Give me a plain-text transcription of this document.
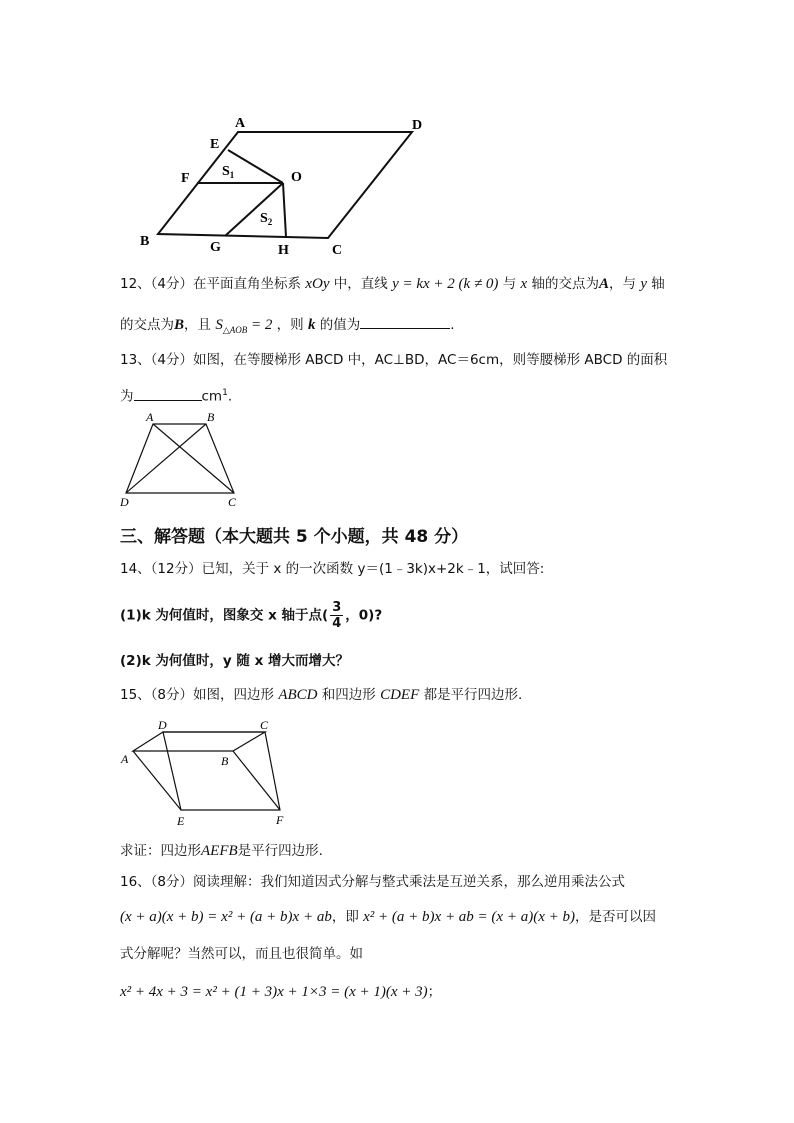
A	D
E
F	O
$S_1$
$S_2$
B	G	H	C
12、（4分）在平面直角坐标系 xOy 中，直线 y = kx + 2 (k ≠ 0) 与 x 轴的交点为A，与 y 轴
的交点为B，且 $S_{\triangle AOB} = 2$ ，则 k 的值为	.
13、（4分）如图，在等腰梯形 ABCD 中，AC⊥BD，AC＝6cm，则等腰梯形 ABCD 的面积
为	$cm^1$.
A	B
C
D
三、解答题（本大题共 5 个小题，共 48 分）
14、（12分）已知，关于 x 的一次函数 y＝(1﹣3k)x+2k﹣1，试回答:
(1)k 为何值时，图象交 x 轴于点( $\frac{3}{4}$ ，0)?
(2)k 为何值时，y 随 x 增大而增大？
15、（8分）如图，四边形 ABCD 和四边形 CDEF 都是平行四边形.
D	C
A	B
E	F
求证：四边形AEFB是平行四边形.
16、（8分）阅读理解：我们知道因式分解与整式乘法是互逆关系，那么逆用乘法公式
(x + a)(x + b) = x² + (a + b)x + ab，即 x² + (a + b)x + ab = (x + a)(x + b)，是否可以因
式分解呢？当然可以，而且也很简单。如
x² + 4x + 3 = x² + (1 + 3)x + 1×3 = (x + 1)(x + 3)；
